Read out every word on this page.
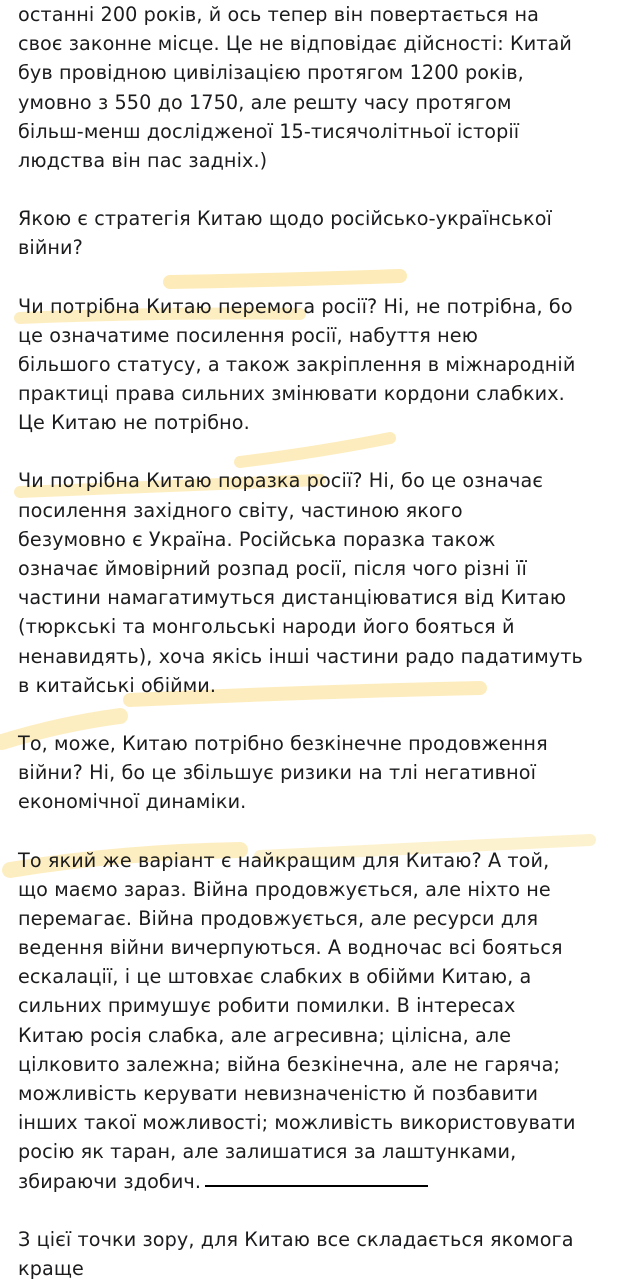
останні 200 років, й ось тепер він повертається на
своє законне місце. Це не відповідає дійсності: Китай
був провідною цивілізацією протягом 1200 років,
умовно з 550 до 1750, але решту часу протягом
більш-менш дослідженої 15-тисячолітньої історії
людства він пас задніх.)

Якою є стратегія Китаю щодо російсько-української
війни?

Чи потрібна Китаю перемога росії? Ні, не потрібна, бо
це означатиме посилення росії, набуття нею
більшого статусу, а також закріплення в міжнародній
практиці права сильних змінювати кордони слабких.
Це Китаю не потрібно.

Чи потрібна Китаю поразка росії? Ні, бо це означає
посилення західного світу, частиною якого
безумовно є Україна. Російська поразка також
означає ймовірний розпад росії, після чого різні її
частини намагатимуться дистанціюватися від Китаю
(тюркські та монгольські народи його бояться й
ненавидять), хоча якісь інші частини радо падатимуть
в китайські обійми.

То, може, Китаю потрібно безкінечне продовження
війни? Ні, бо це збільшує ризики на тлі негативної
економічної динаміки.

То який же варіант є найкращим для Китаю? А той,
що маємо зараз. Війна продовжується, але ніхто не
перемагає. Війна продовжується, але ресурси для
ведення війни вичерпуються. А водночас всі бояться
ескалації, і це штовхає слабких в обійми Китаю, а
сильних примушує робити помилки. В інтересах
Китаю росія слабка, але агресивна; цілісна, але
цілковито залежна; війна безкінечна, але не гаряча;
можливість керувати невизначеністю й позбавити
інших такої можливості; можливість використовувати
росію як таран, але залишатися за лаштунками,
збираючи здобич.

З цієї точки зору, для Китаю все складається якомога
краще
